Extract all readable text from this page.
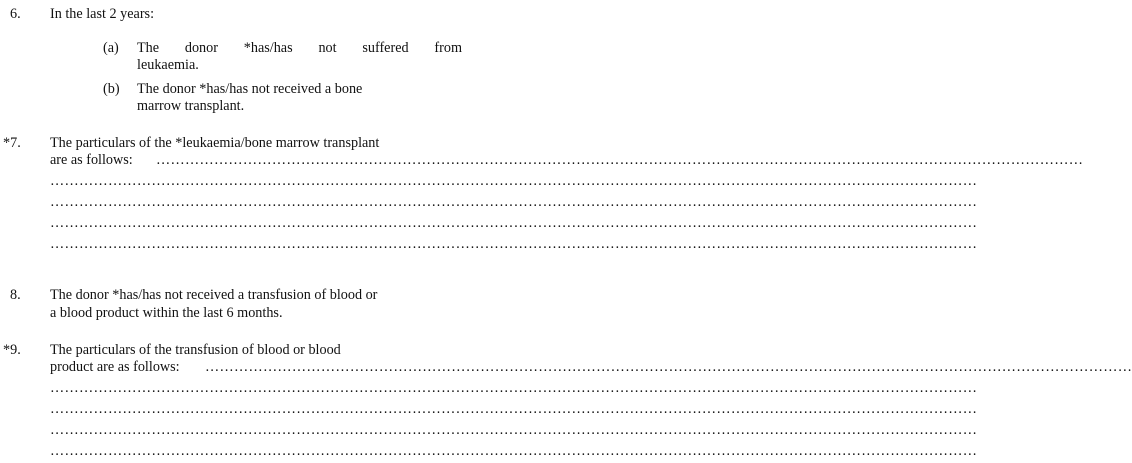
6. In the last 2 years:
(a) The donor *has/has not suffered from
leukaemia.
(b) The donor *has/has not received a bone
marrow transplant.
*7. The particulars of the *leukaemia/bone marrow transplant
are as follows: …………………………………………………………………………………………………………………………………………………………………………
…………………………………………………………………………………………………………………………………………………………………………
…………………………………………………………………………………………………………………………………………………………………………
…………………………………………………………………………………………………………………………………………………………………………
…………………………………………………………………………………………………………………………………………………………………………
8. The donor *has/has not received a transfusion of blood or
a blood product within the last 6 months.
*9. The particulars of the transfusion of blood or blood
product are as follows: …………………………………………………………………………………………………………………………………………………………………………
…………………………………………………………………………………………………………………………………………………………………………
…………………………………………………………………………………………………………………………………………………………………………
…………………………………………………………………………………………………………………………………………………………………………
…………………………………………………………………………………………………………………………………………………………………………
